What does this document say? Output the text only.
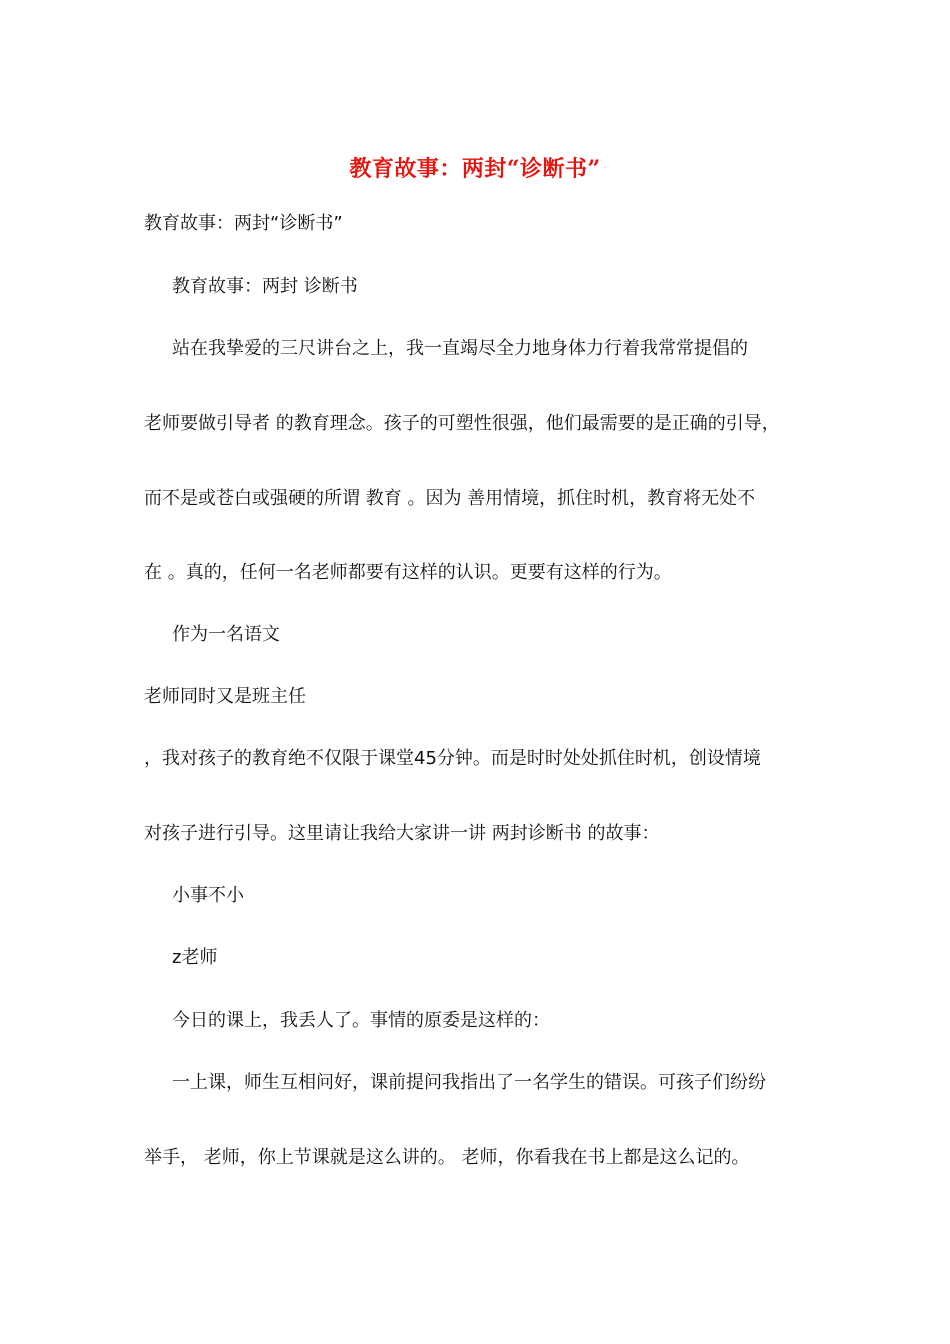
教育故事：两封“诊断书”
教育故事：两封“诊断书”
教育故事：两封 诊断书
站在我挚爱的三尺讲台之上，我一直竭尽全力地身体力行着我常常提倡的
老师要做引导者 的教育理念。孩子的可塑性很强，他们最需要的是正确的引导，
而不是或苍白或强硬的所谓 教育 。因为 善用情境，抓住时机，教育将无处不
在 。真的，任何一名老师都要有这样的认识。更要有这样的行为。
作为一名语文
老师同时又是班主任
，我对孩子的教育绝不仅限于课堂45分钟。而是时时处处抓住时机，创设情境
对孩子进行引导。这里请让我给大家讲一讲 两封诊断书 的故事：
小事不小
z老师
今日的课上，我丢人了。事情的原委是这样的：
一上课，师生互相问好，课前提问我指出了一名学生的错误。可孩子们纷纷
举手， 老师，你上节课就是这么讲的。 老师，你看我在书上都是这么记的。
